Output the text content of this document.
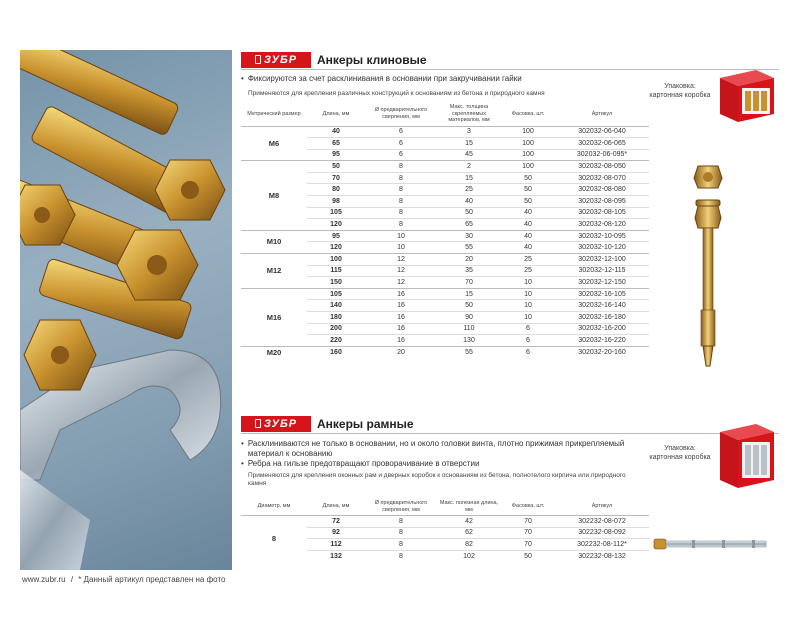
www.zubr.ru / * Данный артикул представлен на фото
ЗУБР Анкеры клиновые
• Фиксируются за счет расклинивания в основании при закручивании гайки
Применяются для крепления различных конструкций к основаниям из бетона и природного камня
Упаковка:
картонная коробка
Метрический размер	Длина, мм	Ø предварительного сверления, мм	Макс. толщина скрепляемых материалов, мм	Фасовка, шт.	Артикул
M6	40	6	3	100	302032-06-040
	65	6	15	100	302032-06-065
	95	6	45	100	302032-06-095*
M8	50	8	2	100	302032-08-050
	70	8	15	50	302032-08-070
	80	8	25	50	302032-08-080
	98	8	40	50	302032-08-095
	105	8	50	40	302032-08-105
	120	8	65	40	302032-08-120
M10	95	10	30	40	302032-10-095
	120	10	55	40	302032-10-120
M12	100	12	20	25	302032-12-100
	115	12	35	25	302032-12-115
	150	12	70	10	302032-12-150
M16	105	16	15	10	302032-16-105
	140	16	50	10	302032-16-140
	180	16	90	10	302032-16-180
	200	16	110	6	302032-16-200
	220	16	130	6	302032-16-220
M20	160	20	55	6	302032-20-160
ЗУБР Анкеры рамные
• Расклиниваются не только в основании, но и около головки винта, плотно прижимая прикрепляемый материал к основанию
• Ребра на гильзе предотвращают проворачивание в отверстии
Применяются для крепления оконных рам и дверных коробок к основаниям из бетона, полнотелого кирпича или природного камня
Упаковка:
картонная коробка
Диаметр, мм	Длина, мм	Ø предварительного сверления, мм	Макс. полезная длина, мм	Фасовка, шт.	Артикул
8	72	8	42	70	302232-08-072
	92	8	62	70	302232-08-092
	112	8	82	70	302232-08-112*
	132	8	102	50	302232-08-132
